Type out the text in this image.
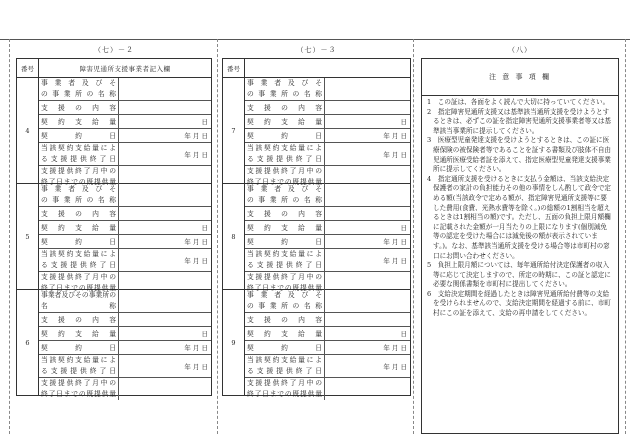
（七）－２
番号	障害児通所支援事業者記入欄
4
事 業 者 及 び そ
の 事 業 所 の 名 称
支 援 の 内 容
契 約 支 給 量	日
契　　約　　日	年 月 日
当該契約支給量によ
る 支 援 提 供 終 了 日
年 月 日
支援提供終了月中の
終了日までの既提供量
5
事 業 者 及 び そ
の 事 業 所 の 名 称
支 援 の 内 容
契 約 支 給 量	日
契　　約　　日	年 月 日
当該契約支給量によ
る 支 援 提 供 終 了 日
年 月 日
支援提供終了月中の
終了日までの既提供量
6
事業者及びその事業所の
名　　　　　　　称
支 援 の 内 容
契 約 支 給 量	日
契　　約　　日	年 月 日
当該契約支給量によ
る 支 援 提 供 終 了 日
年 月 日
支援提供終了月中の
終了日までの既提供量
（七）－３
番号
7
事 業 者 及 び そ
の 事 業 所 の 名 称
支 援 の 内 容
契 約 支 給 量	日
契　　約　　日	年 月 日
当該契約支給量によ
る 支 援 提 供 終 了 日
年 月 日
支援提供終了月中の
終了日までの既提供量
8
事 業 者 及 び そ
の 事 業 所 の 名 称
支 援 の 内 容
契 約 支 給 量	日
契　　約　　日	年 月 日
当該契約支給量によ
る 支 援 提 供 終 了 日
年 月 日
支援提供終了月中の
終了日までの既提供量
9
事 業 者 及 び そ
の 事 業 所 の 名 称
支 援 の 内 容
契 約 支 給 量	日
契　　約　　日	年 月 日
当該契約支給量によ
る 支 援 提 供 終 了 日
年 月 日
支援提供終了月中の
終了日までの既提供量
（八）
注 意 事 項 欄

1　この証は、各面をよく読んで大切に持っていてください。

2　指定障害児通所支援又は基準該当通所支援を受けようとするときは、必ずこの証を指定障害児通所支援事業者等又は基準該当事業所に提示してください。

3　医療型児童発達支援を受けようとするときは、この証に医療保険の被保険者等であることを証する書類及び肢体不自由児通所医療受給者証を添えて、指定医療型児童発達支援事業所に提示してください。

4　指定通所支援を受けるときに支払う金額は、当該支給決定保護者の家計の負担能力その他の事情をしん酌して政令で定める額(当該政令で定める額が、指定障害児通所支援等に要した費用(食費、光熱水費等を除く。)の総額の1割相当を超えるときは1割相当の額)です。ただし、五面の負担上限月額欄に記載された金額が一月当たりの上限になります(個別減免等の認定を受けた場合には減免後の額が表示されています。)。なお、基準該当通所支援を受ける場合等は市町村の窓口にお問い合わせください。

5　負担上限月額については、毎年通所給付決定保護者の収入等に応じて決定しますので、所定の時期に、この証と認定に必要な関係書類を市町村に提出してください。

6　支給決定期間を経過したときは障害児通所給付費等の支給を受けられませんので、支給決定期間を経過する前に、市町村にこの証を添えて、支給の再申請をしてください。
